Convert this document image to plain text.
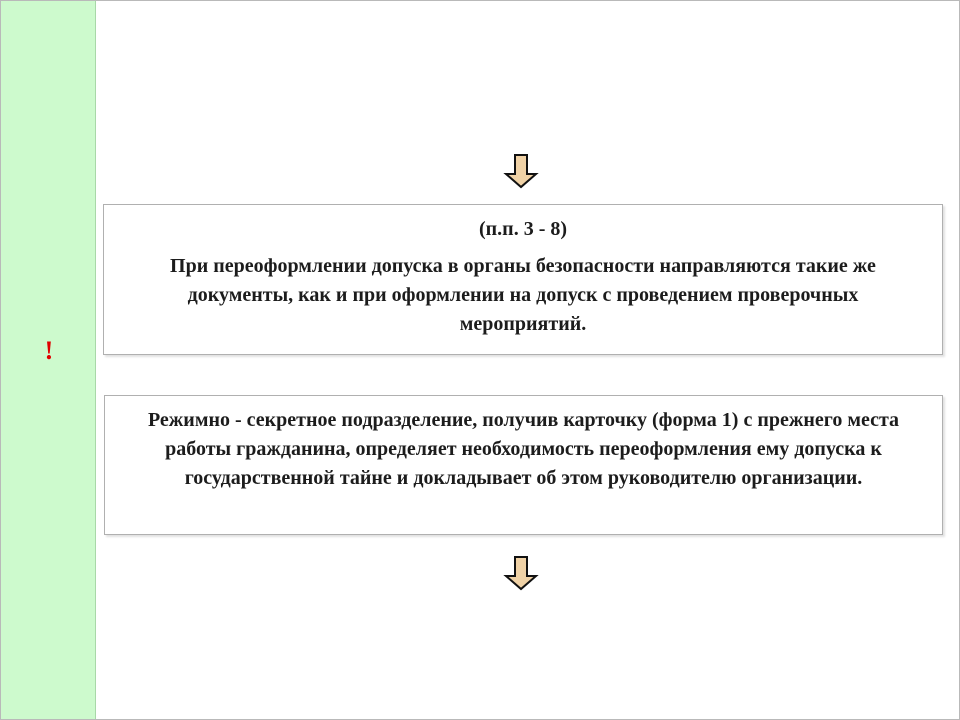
!
(п.п. 3 - 8)
При переоформлении допуска в органы безопасности направляются такие же документы, как и при оформлении на допуск с проведением проверочных мероприятий.
Режимно - секретное подразделение, получив карточку (форма 1) с прежнего места работы гражданина, определяет необходимость переоформления ему допуска к государственной тайне и докладывает об этом руководителю организации.
